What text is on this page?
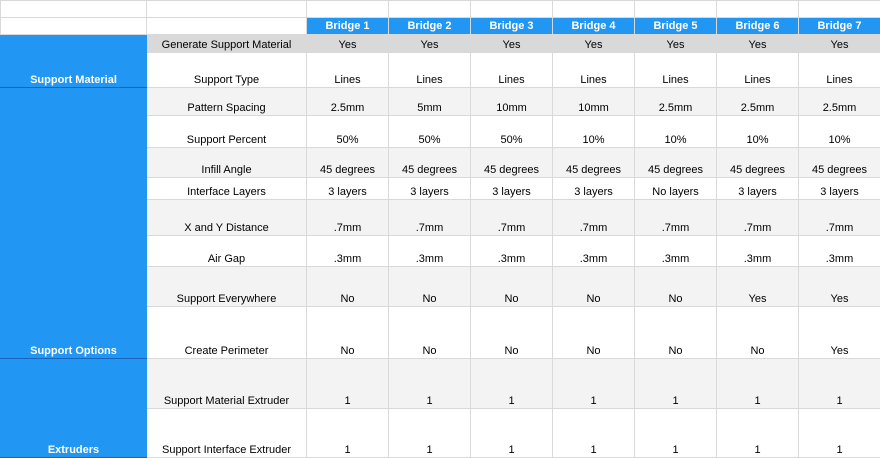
		Bridge 1	Bridge 2	Bridge 3	Bridge 4	Bridge 5	Bridge 6	Bridge 7
Support Material	Generate Support Material	Yes	Yes	Yes	Yes	Yes	Yes	Yes
	Support Type	Lines	Lines	Lines	Lines	Lines	Lines	Lines
Support Options	Pattern Spacing	2.5mm	5mm	10mm	10mm	2.5mm	2.5mm	2.5mm
	Support Percent	50%	50%	50%	10%	10%	10%	10%
	Infill Angle	45 degrees	45 degrees	45 degrees	45 degrees	45 degrees	45 degrees	45 degrees
	Interface Layers	3 layers	3 layers	3 layers	3 layers	No layers	3 layers	3 layers
	X and Y Distance	.7mm	.7mm	.7mm	.7mm	.7mm	.7mm	.7mm
	Air Gap	.3mm	.3mm	.3mm	.3mm	.3mm	.3mm	.3mm
	Support Everywhere	No	No	No	No	No	Yes	Yes
	Create Perimeter	No	No	No	No	No	No	Yes
Extruders	Support Material Extruder	1	1	1	1	1	1	1
	Support Interface Extruder	1	1	1	1	1	1	1
